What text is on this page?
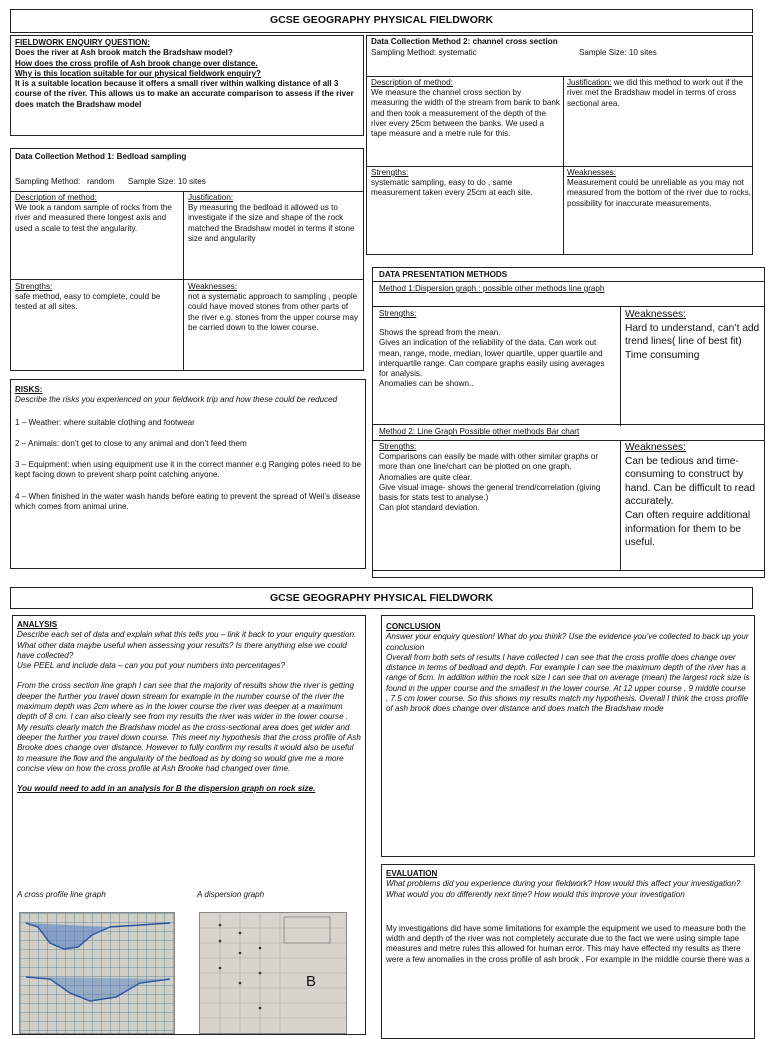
GCSE GEOGRAPHY PHYSICAL FIELDWORK
FIELDWORK ENQUIRY QUESTION:
Does the river at Ash brook match the Bradshaw model?
How does the cross profile of Ash brook change over distance.
Why is this location suitable for our physical fieldwork enquiry?
It is a suitable location because it offers a small river within walking distance of all 3 course of the river. This allows us to make an accurate comparison to assess if the river does match the Bradshaw model
Data Collection Method 1: Bedload sampling
Sampling Method:   random      Sample Size: 10 sites
Description of method:
We took a random sample of rocks from the river and measured there longest axis and used a scale to test the angularity.
Justification:
By measuring the bedload it allowed us to investigate if the size and shape of the rock matched the Bradshaw model in terms if stone size and angularity
Strengths:
safe method, easy to complete, could be tested at all sites.
Weaknesses:
not a systematic approach to sampling , people could have moved stones from other parts of the river e.g. stones from the upper course may be carried down to the lower course.
Data Collection Method 2: channel cross section
Sampling Method: systematic	Sample Size: 10 sites
Description of method:
We measure the channel cross section by measuring the width of the stream from bank to bank and then took a measurement of the depth of the river every 25cm between the banks. We used a tape measure and a metre rule for this.
Justification: we did this method to work out if the river met the Bradshaw model in terms of cross sectional area.
Strengths:
systematic sampling, easy to do , same measurement taken every 25cm at each site.
Weaknesses:
Measurement could be unreliable as you may not measured from the bottom of the river due to rocks, possibility for inaccurate measurements.
RISKS:
Describe the risks you experienced on your fieldwork trip and how these could be reduced
1 – Weather: where suitable clothing and footwear
2 – Animals: don’t get to close to any animal and don’t feed them
3 – Equipment: when using equipment use it in the correct manner e.g Ranging poles need to be kept facing down to prevent sharp point catching anyone.
4 – When finished in the water wash hands before eating to prevent the spread of Weil’s disease which comes from animal urine.
DATA PRESENTATION METHODS
Method 1:Dispersion graph : possible other methods line graph
Strengths:
Shows the spread from the mean.
Gives an indication of the reliability of the data. Can work out mean, range, mode, median, lower quartile, upper quartile and interquartile range. Can compare graphs easily using averages for analysis.
Anomalies can be shown..
Weaknesses:
Hard to understand, can’t add trend lines( line of best fit) Time consuming
Method 2: Line Graph Possible other methods Bar chart
Strengths:
Comparisons can easily be made with other similar graphs or more than one line/chart can be plotted on one graph.
Anomalies are quite clear.
Give visual image- shows the general trend/correlation (giving basis for stats test to analyse.)
Can plot standard deviation.
Weaknesses:
Can be tedious and time-consuming to construct by hand. Can be difficult to read accurately.
Can often require additional information for them to be useful.
GCSE GEOGRAPHY PHYSICAL FIELDWORK
ANALYSIS
Describe each set of data and explain what this tells you – link it back to your enquiry question. What other data maybe useful when assessing your results? Is there anything else we could have collected?
Use PEEL and include data – can you put your numbers into percentages?
From the cross section line graph I can see that the majority of results show the river is getting deeper the further you travel down stream for example in the number course of the river the maximum depth was 2cm where as in the lower course the river was deeper at a maximum depth of 8 cm. I can also clearly see from my results the river was wider in the lower course . My results clearly match the Bradshaw model as the cross-sectional area does get wider and deeper the further you travel down course. This meet my hypothesis that the cross profile of Ash Brooke does change over distance. However to fully confirm my results it would also be useful to measure the flow and the angularity of the bedload as by doing so would give me a more concise view on how the cross profile at Ash Brooke had changed over time.
You would need to add in an analysis for B the dispersion graph on rock size.
A cross profile line graph	A dispersion graph
B
CONCLUSION
Answer your enquiry question! What do you think? Use the evidence you’ve collected to back up your conclusion
Overall from both sets of results I have collected I can see that the cross profile does change over distance in terms of bedload and depth. For example I can see the maximum depth of the river has a range of 6cm. In addition within the rock size I can see that on average (mean) the largest rock size is found in the upper course and the smallest in the lower course. At 12 upper course , 9 middle course , 7.5 cm lower course. So this shows my results match my hypothesis. Overall I think the cross profile of ash brook does change over distance and does match the Bradshaw mode
EVALUATION
What problems did you experience during your fieldwork? How would this affect your investigation?
What would you do differently next time? How would this improve your investigation
My investigations did have some limitations for example the equipment we used to measure both the width and depth of the river was not completely accurate due to the fact we were using simple tape measures and metre rules this allowed for human error. This may have effected my results as there were a few anomalies in the cross profile of ash brook . For example in the middle course there was a
